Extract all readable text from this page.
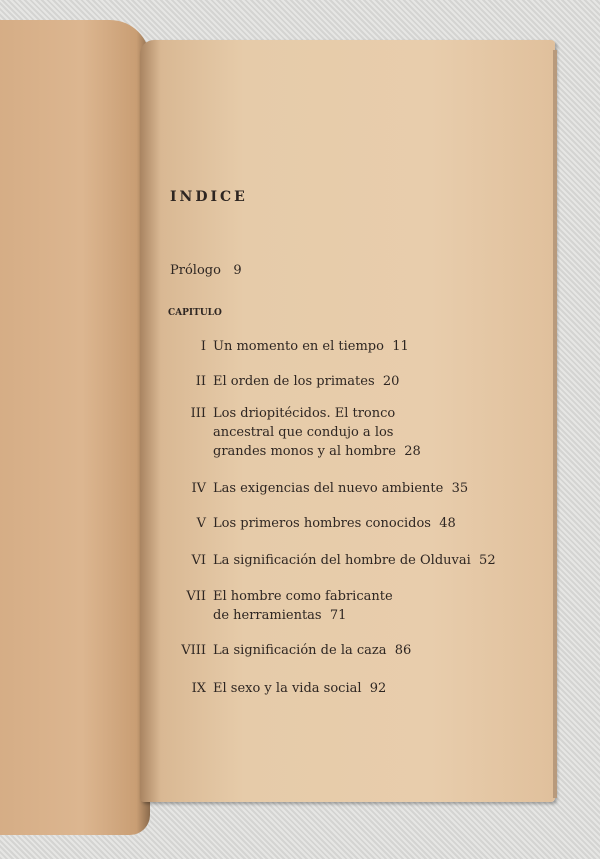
INDICE
Prólogo 9
CAPITULO
I Un momento en el tiempo 11
II El orden de los primates 20
III Los driopitécidos. El tronco
ancestral que condujo a los
grandes monos y al hombre 28
IV Las exigencias del nuevo ambiente 35
V Los primeros hombres conocidos 48
VI La significación del hombre de Olduvai 52
VII El hombre como fabricante
de herramientas 71
VIII La significación de la caza 86
IX El sexo y la vida social 92
